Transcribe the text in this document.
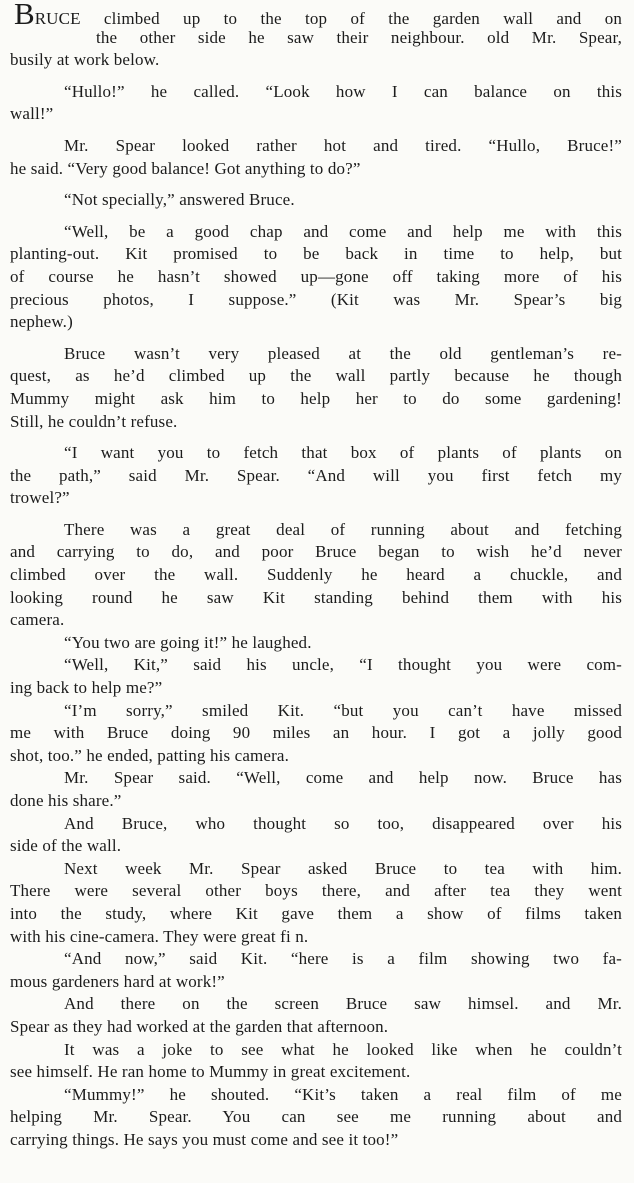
BRUCE climbed up to the top of the garden wall and on
the other side he saw their neighbour. old Mr. Spear,
busily at work below.
“Hullo!” he called. “Look how I can balance on this
wall!”
Mr. Spear looked rather hot and tired. “Hullo, Bruce!”
he said. “Very good balance! Got anything to do?”
“Not specially,” answered Bruce.
“Well, be a good chap and come and help me with this
planting-out. Kit promised to be back in time to help, but
of course he hasn’t showed up—gone off taking more of his
precious photos, I suppose.” (Kit was Mr. Spear’s big
nephew.)
Bruce wasn’t very pleased at the old gentleman’s re-
quest, as he’d climbed up the wall partly because he though
Mummy might ask him to help her to do some gardening!
Still, he couldn’t refuse.
“I want you to fetch that box of plants of plants on
the path,” said Mr. Spear. “And will you first fetch my
trowel?”
There was a great deal of running about and fetching
and carrying to do, and poor Bruce began to wish he’d never
climbed over the wall. Suddenly he heard a chuckle, and
looking round he saw Kit standing behind them with his
camera.
“You two are going it!” he laughed.
“Well, Kit,” said his uncle, “I thought you were com-
ing back to help me?”
“I’m sorry,” smiled Kit. “but you can’t have missed
me with Bruce doing 90 miles an hour. I got a jolly good
shot, too.” he ended, patting his camera.
Mr. Spear said. “Well, come and help now. Bruce has
done his share.”
And Bruce, who thought so too, disappeared over his
side of the wall.
Next week Mr. Spear asked Bruce to tea with him.
There were several other boys there, and after tea they went
into the study, where Kit gave them a show of films taken
with his cine-camera. They were great fi n.
“And now,” said Kit. “here is a film showing two fa-
mous gardeners hard at work!”
And there on the screen Bruce saw himsel. and Mr.
Spear as they had worked at the garden that afternoon.
It was a joke to see what he looked like when he couldn’t
see himself. He ran home to Mummy in great excitement.
“Mummy!” he shouted. “Kit’s taken a real film of me
helping Mr. Spear. You can see me running about and
carrying things. He says you must come and see it too!”
